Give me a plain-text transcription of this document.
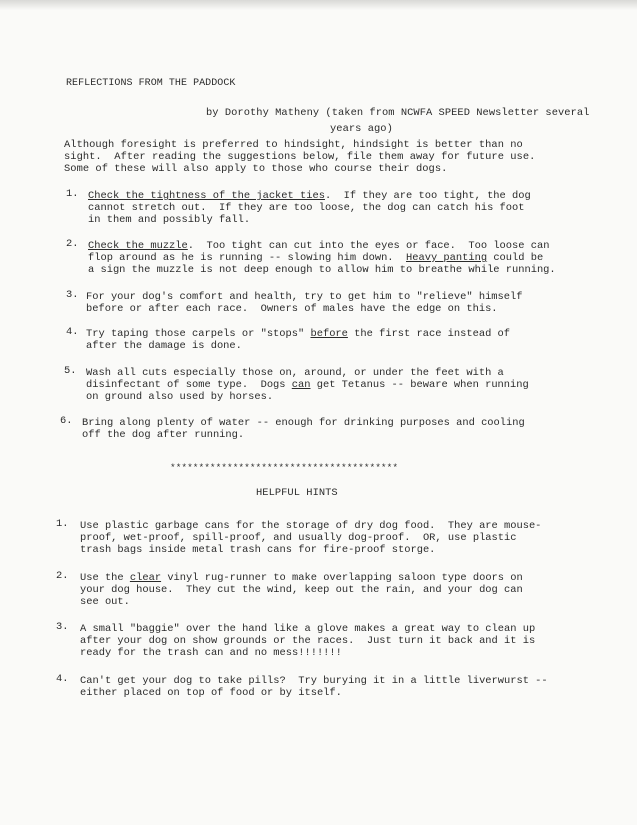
REFLECTIONS FROM THE PADDOCK
by Dorothy Matheny (taken from NCWFA SPEED Newsletter several
years ago)
Although foresight is preferred to hindsight, hindsight is better than no
sight.  After reading the suggestions below, file them away for future use.
Some of these will also apply to those who course their dogs.
1. Check the tightness of the jacket ties.  If they are too tight, the dog
cannot stretch out.  If they are too loose, the dog can catch his foot
in them and possibly fall.
2. Check the muzzle.  Too tight can cut into the eyes or face.  Too loose can
flop around as he is running -- slowing him down.  Heavy panting could be
a sign the muzzle is not deep enough to allow him to breathe while running.
3. For your dog's comfort and health, try to get him to "relieve" himself
before or after each race.  Owners of males have the edge on this.
4. Try taping those carpels or "stops" before the first race instead of
after the damage is done.
5. Wash all cuts especially those on, around, or under the feet with a
disinfectant of some type.  Dogs can get Tetanus -- beware when running
on ground also used by horses.
6. Bring along plenty of water -- enough for drinking purposes and cooling
off the dog after running.
****************************************
HELPFUL HINTS
1. Use plastic garbage cans for the storage of dry dog food.  They are mouse-
proof, wet-proof, spill-proof, and usually dog-proof.  OR, use plastic
trash bags inside metal trash cans for fire-proof storge.
2. Use the clear vinyl rug-runner to make overlapping saloon type doors on
your dog house.  They cut the wind, keep out the rain, and your dog can
see out.
3. A small "baggie" over the hand like a glove makes a great way to clean up
after your dog on show grounds or the races.  Just turn it back and it is
ready for the trash can and no mess!!!!!!!
4. Can't get your dog to take pills?  Try burying it in a little liverwurst --
either placed on top of food or by itself.
